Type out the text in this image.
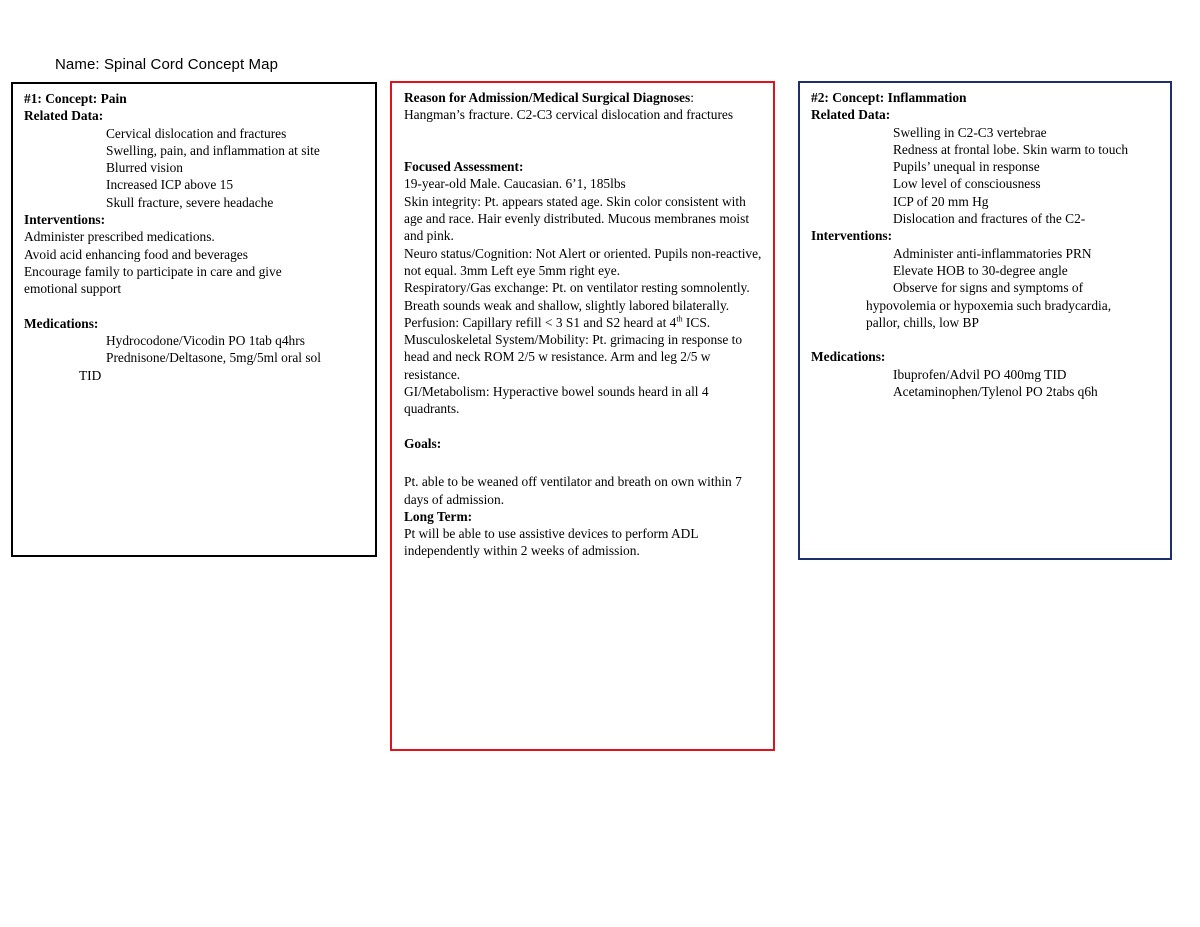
Name: Spinal Cord Concept Map
#1: Concept: Pain
Related Data:
Cervical dislocation and fractures
Swelling, pain, and inflammation at site
Blurred vision
Increased ICP above 15
Skull fracture, severe headache
Interventions:
Administer prescribed medications.
Avoid acid enhancing food and beverages
Encourage family to participate in care and give
emotional support
Medications:
Hydrocodone/Vicodin PO 1tab q4hrs
Prednisone/Deltasone, 5mg/5ml oral sol
TID
Reason for Admission/Medical Surgical Diagnoses:
Hangman’s fracture. C2-C3 cervical dislocation and fractures
Focused Assessment:
19-year-old Male. Caucasian. 6’1, 185lbs
Skin integrity: Pt. appears stated age. Skin color consistent with age and race. Hair evenly distributed. Mucous membranes moist and pink.
Neuro status/Cognition: Not Alert or oriented. Pupils non-reactive, not equal. 3mm Left eye 5mm right eye.
Respiratory/Gas exchange: Pt. on ventilator resting somnolently. Breath sounds weak and shallow, slightly labored bilaterally.
Perfusion: Capillary refill < 3 S1 and S2 heard at 4th ICS.
Musculoskeletal System/Mobility: Pt. grimacing in response to head and neck ROM 2/5 w resistance. Arm and leg 2/5 w resistance.
GI/Metabolism: Hyperactive bowel sounds heard in all 4 quadrants.
Goals:
Pt. able to be weaned off ventilator and breath on own within 7 days of admission.
Long Term:
Pt will be able to use assistive devices to perform ADL independently within 2 weeks of admission.
#2: Concept: Inflammation
Related Data:
Swelling in C2-C3 vertebrae
Redness at frontal lobe. Skin warm to touch
Pupils’ unequal in response
Low level of consciousness
ICP of 20 mm Hg
Dislocation and fractures of the C2-
Interventions:
Administer anti-inflammatories PRN
Elevate HOB to 30-degree angle
Observe for signs and symptoms of
hypovolemia or hypoxemia such bradycardia,
pallor, chills, low BP
Medications:
Ibuprofen/Advil PO 400mg TID
Acetaminophen/Tylenol PO 2tabs q6h
